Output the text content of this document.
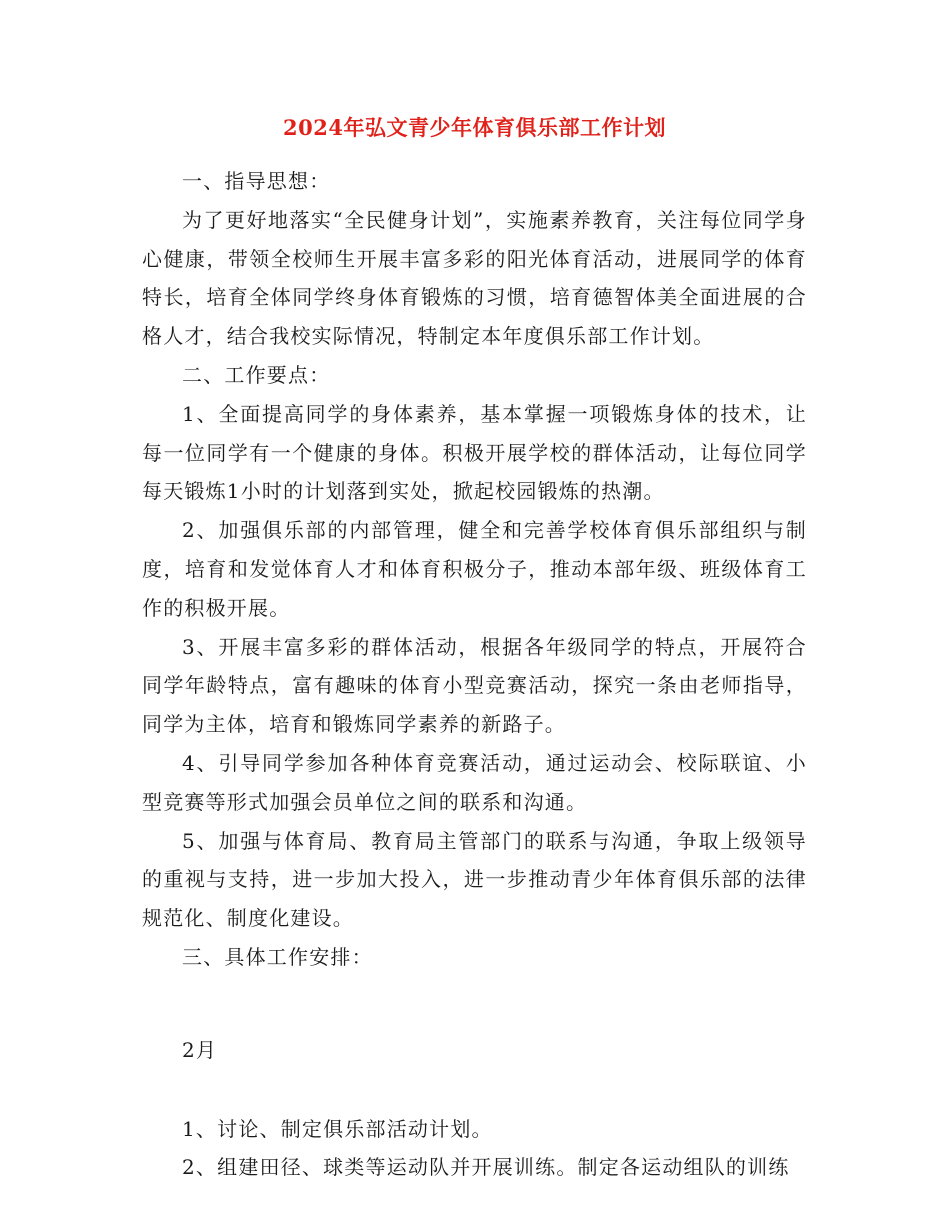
2024年弘文青少年体育俱乐部工作计划

一、指导思想：

为了更好地落实“全民健身计划”，实施素养教育，关注每位同学身心健康，带领全校师生开展丰富多彩的阳光体育活动，进展同学的体育特长，培育全体同学终身体育锻炼的习惯，培育德智体美全面进展的合格人才，结合我校实际情况，特制定本年度俱乐部工作计划。

二、工作要点：

1、全面提高同学的身体素养，基本掌握一项锻炼身体的技术，让每一位同学有一个健康的身体。积极开展学校的群体活动，让每位同学每天锻炼1小时的计划落到实处，掀起校园锻炼的热潮。

2、加强俱乐部的内部管理，健全和完善学校体育俱乐部组织与制度，培育和发觉体育人才和体育积极分子，推动本部年级、班级体育工作的积极开展。

3、开展丰富多彩的群体活动，根据各年级同学的特点，开展符合同学年龄特点，富有趣味的体育小型竞赛活动，探究一条由老师指导，同学为主体，培育和锻炼同学素养的新路子。

4、引导同学参加各种体育竞赛活动，通过运动会、校际联谊、小型竞赛等形式加强会员单位之间的联系和沟通。

5、加强与体育局、教育局主管部门的联系与沟通，争取上级领导的重视与支持，进一步加大投入，进一步推动青少年体育俱乐部的法律规范化、制度化建设。

三、具体工作安排：

2月

1、讨论、制定俱乐部活动计划。

2、组建田径、球类等运动队并开展训练。制定各运动组队的训练
